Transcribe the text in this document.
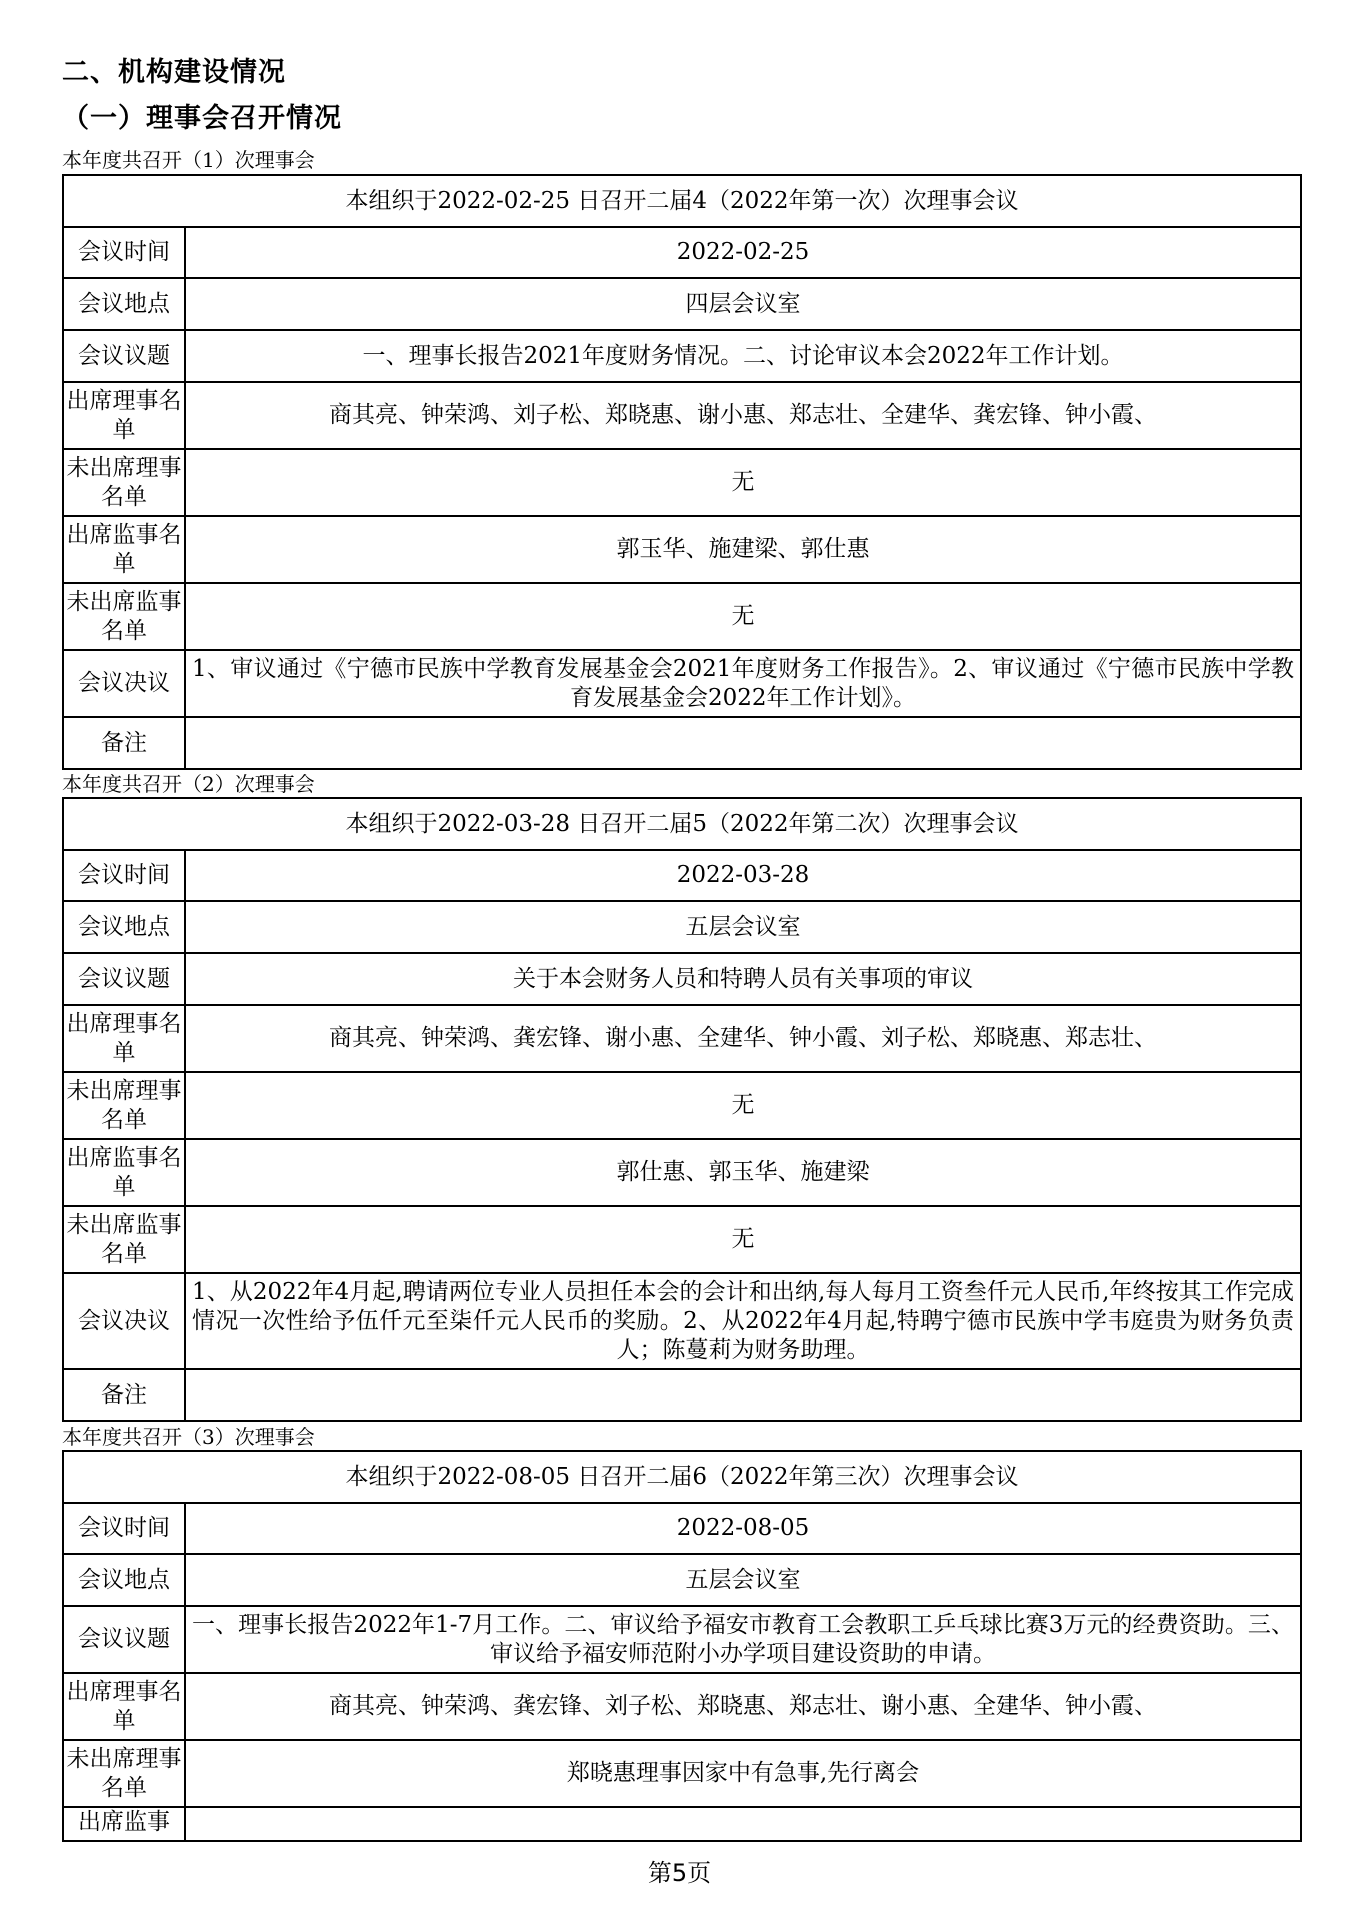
二、机构建设情况
（一）理事会召开情况
本年度共召开（1）次理事会
本组织于2022-02-25 日召开二届4（2022年第一次）次理事会议	
会议时间	2022-02-25
会议地点	四层会议室
会议议题	一、理事长报告2021年度财务情况。二、讨论审议本会2022年工作计划。
出席理事名单	商其亮、钟荣鸿、刘子松、郑晓惠、谢小惠、郑志壮、全建华、龚宏锋、钟小霞、
未出席理事名单	无
出席监事名单	郭玉华、施建梁、郭仕惠
未出席监事名单	无
会议决议	1、审议通过《宁德市民族中学教育发展基金会2021年度财务工作报告》。2、审议通过《宁德市民族中学教育发展基金会2022年工作计划》。
备注	
本年度共召开（2）次理事会
本组织于2022-03-28 日召开二届5（2022年第二次）次理事会议	
会议时间	2022-03-28
会议地点	五层会议室
会议议题	关于本会财务人员和特聘人员有关事项的审议
出席理事名单	商其亮、钟荣鸿、龚宏锋、谢小惠、全建华、钟小霞、刘子松、郑晓惠、郑志壮、
未出席理事名单	无
出席监事名单	郭仕惠、郭玉华、施建梁
未出席监事名单	无
会议决议	1、从2022年4月起,聘请两位专业人员担任本会的会计和出纳,每人每月工资叁仟元人民币,年终按其工作完成情况一次性给予伍仟元至柒仟元人民币的奖励。2、从2022年4月起,特聘宁德市民族中学韦庭贵为财务负责人；陈蔓莉为财务助理。
备注	
本年度共召开（3）次理事会
本组织于2022-08-05 日召开二届6（2022年第三次）次理事会议	
会议时间	2022-08-05
会议地点	五层会议室
会议议题	一、理事长报告2022年1-7月工作。二、审议给予福安市教育工会教职工乒乓球比赛3万元的经费资助。三、审议给予福安师范附小办学项目建设资助的申请。
出席理事名单	商其亮、钟荣鸿、龚宏锋、刘子松、郑晓惠、郑志壮、谢小惠、全建华、钟小霞、
未出席理事名单	郑晓惠理事因家中有急事,先行离会
出席监事	
第5页
